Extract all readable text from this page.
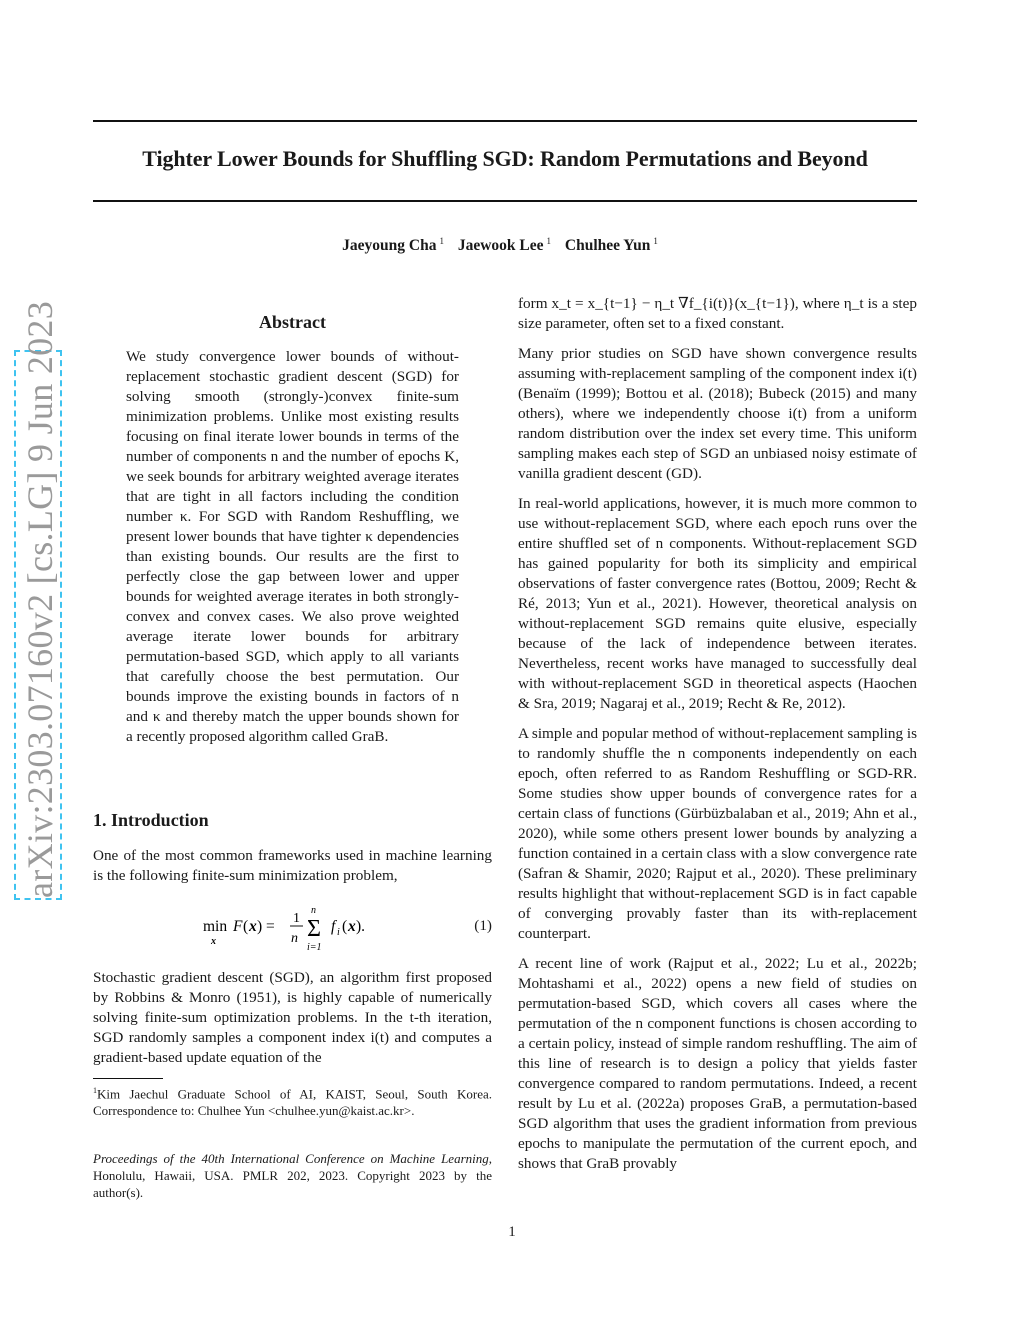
Tighter Lower Bounds for Shuffling SGD: Random Permutations and Beyond
Jaeyoung Cha $^1$ Jaewook Lee $^1$ Chulhee Yun $^1$
arXiv:2303.07160v2 [cs.LG] 9 Jun 2023	Abstract
We study convergence lower bounds of without-replacement stochastic gradient descent (SGD) for solving smooth (strongly-)convex finite-sum minimization problems. Unlike most existing results focusing on final iterate lower bounds in terms of the number of components n and the number of epochs K, we seek bounds for arbitrary weighted average iterates that are tight in all factors including the condition number κ. For SGD with Random Reshuffling, we present lower bounds that have tighter κ dependencies than existing bounds. Our results are the first to perfectly close the gap between lower and upper bounds for weighted average iterates in both strongly-convex and convex cases. We also prove weighted average iterate lower bounds for arbitrary permutation-based SGD, which apply to all variants that carefully choose the best permutation. Our bounds improve the existing bounds in factors of n and κ and thereby match the upper bounds shown for a recently proposed algorithm called GraB.
1. Introduction
One of the most common frameworks used in machine learning is the following finite-sum minimization problem,
min
x
F ( x ) = 1
n
n
Σ
i=1
f i ( x ).	(1)
Stochastic gradient descent (SGD), an algorithm first proposed by Robbins & Monro (1951), is highly capable of numerically solving finite-sum optimization problems. In the t-th iteration, SGD randomly samples a component index i(t) and computes a gradient-based update equation of the
$^1$Kim Jaechul Graduate School of AI, KAIST, Seoul, South Korea. Correspondence to: Chulhee Yun <chulhee.yun@kaist.ac.kr>.
Proceedings of the 40th International Conference on Machine Learning, Honolulu, Hawaii, USA. PMLR 202, 2023. Copyright 2023 by the author(s).
form x_t = x_{t−1} − η_t ∇f_{i(t)}(x_{t−1}), where η_t is a step size parameter, often set to a fixed constant.
Many prior studies on SGD have shown convergence results assuming with-replacement sampling of the component index i(t) (Benaïm (1999); Bottou et al. (2018); Bubeck (2015) and many others), where we independently choose i(t) from a uniform random distribution over the index set every time. This uniform sampling makes each step of SGD an unbiased noisy estimate of vanilla gradient descent (GD).
In real-world applications, however, it is much more common to use without-replacement SGD, where each epoch runs over the entire shuffled set of n components. Without-replacement SGD has gained popularity for both its simplicity and empirical observations of faster convergence rates (Bottou, 2009; Recht & Ré, 2013; Yun et al., 2021). However, theoretical analysis on without-replacement SGD remains quite elusive, especially because of the lack of independence between iterates. Nevertheless, recent works have managed to successfully deal with without-replacement SGD in theoretical aspects (Haochen & Sra, 2019; Nagaraj et al., 2019; Recht & Re, 2012).
A simple and popular method of without-replacement sampling is to randomly shuffle the n components independently on each epoch, often referred to as Random Reshuffling or SGD-RR. Some studies show upper bounds of convergence rates for a certain class of functions (Gürbüzbalaban et al., 2019; Ahn et al., 2020), while some others present lower bounds by analyzing a function contained in a certain class with a slow convergence rate (Safran & Shamir, 2020; Rajput et al., 2020). These preliminary results highlight that without-replacement SGD is in fact capable of converging provably faster than its with-replacement counterpart.
A recent line of work (Rajput et al., 2022; Lu et al., 2022b; Mohtashami et al., 2022) opens a new field of studies on permutation-based SGD, which covers all cases where the permutation of the n component functions is chosen according to a certain policy, instead of simple random reshuffling. The aim of this line of research is to design a policy that yields faster convergence compared to random permutations. Indeed, a recent result by Lu et al. (2022a) proposes GraB, a permutation-based SGD algorithm that uses the gradient information from previous epochs to manipulate the permutation of the current epoch, and shows that GraB provably
1
